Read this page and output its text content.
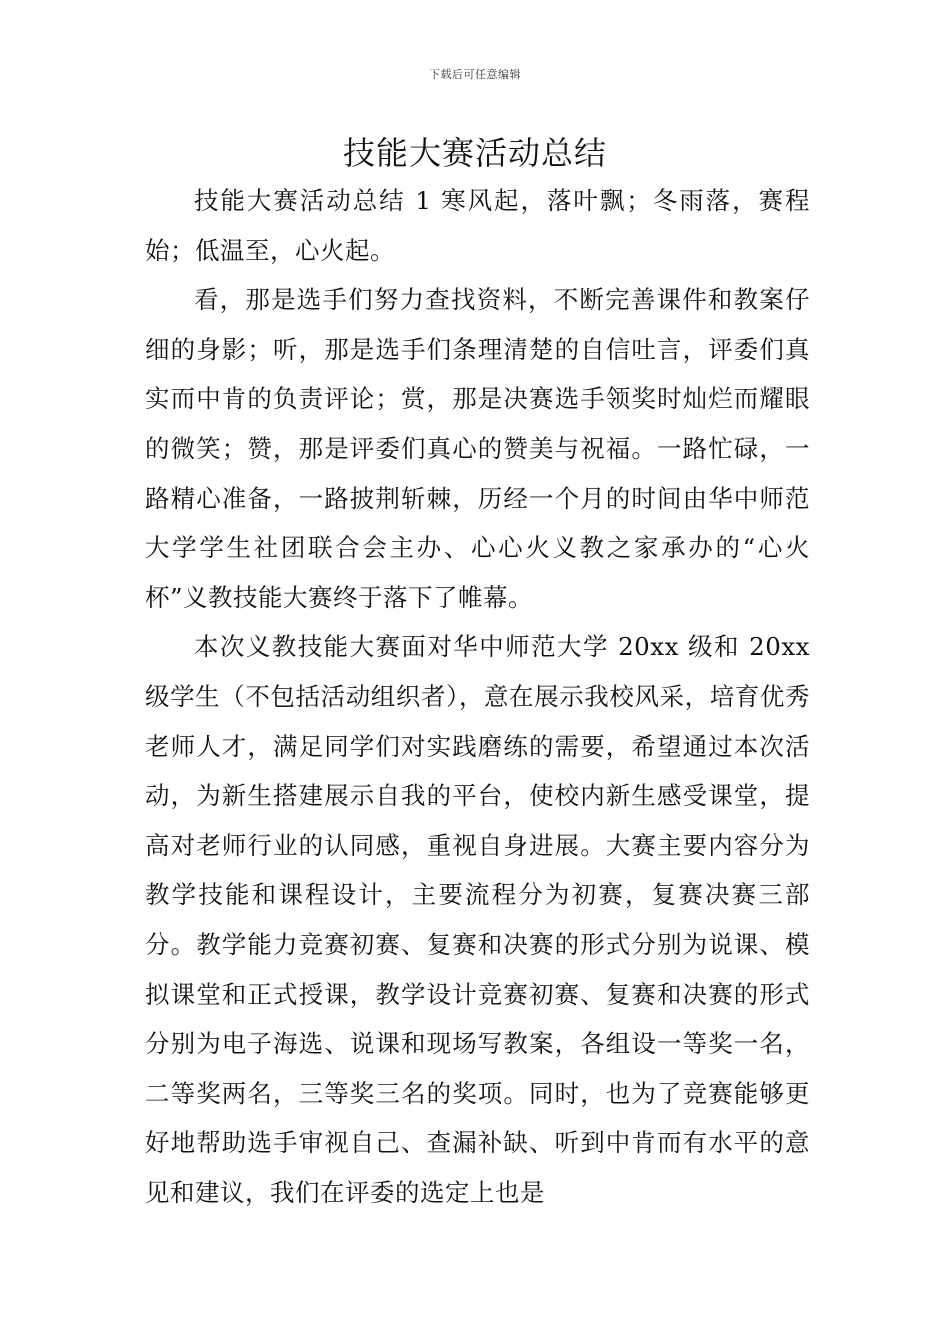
下载后可任意编辑
技能大赛活动总结

技能大赛活动总结 1 寒风起，落叶飘；冬雨落，赛程始；低温至，心火起。

看，那是选手们努力查找资料，不断完善课件和教案仔细的身影；听，那是选手们条理清楚的自信吐言，评委们真实而中肯的负责评论；赏，那是决赛选手领奖时灿烂而耀眼的微笑；赞，那是评委们真心的赞美与祝福。一路忙碌，一路精心准备，一路披荆斩棘，历经一个月的时间由华中师范大学学生社团联合会主办、心心火义教之家承办的“心火杯”义教技能大赛终于落下了帷幕。

本次义教技能大赛面对华中师范大学 20xx 级和 20xx 级学生（不包括活动组织者），意在展示我校风采，培育优秀老师人才，满足同学们对实践磨练的需要，希望通过本次活动，为新生搭建展示自我的平台，使校内新生感受课堂，提高对老师行业的认同感，重视自身进展。大赛主要内容分为教学技能和课程设计，主要流程分为初赛，复赛决赛三部分。教学能力竞赛初赛、复赛和决赛的形式分别为说课、模拟课堂和正式授课，教学设计竞赛初赛、复赛和决赛的形式分别为电子海选、说课和现场写教案，各组设一等奖一名，二等奖两名，三等奖三名的奖项。同时，也为了竞赛能够更好地帮助选手审视自己、查漏补缺、听到中肯而有水平的意见和建议，我们在评委的选定上也是
